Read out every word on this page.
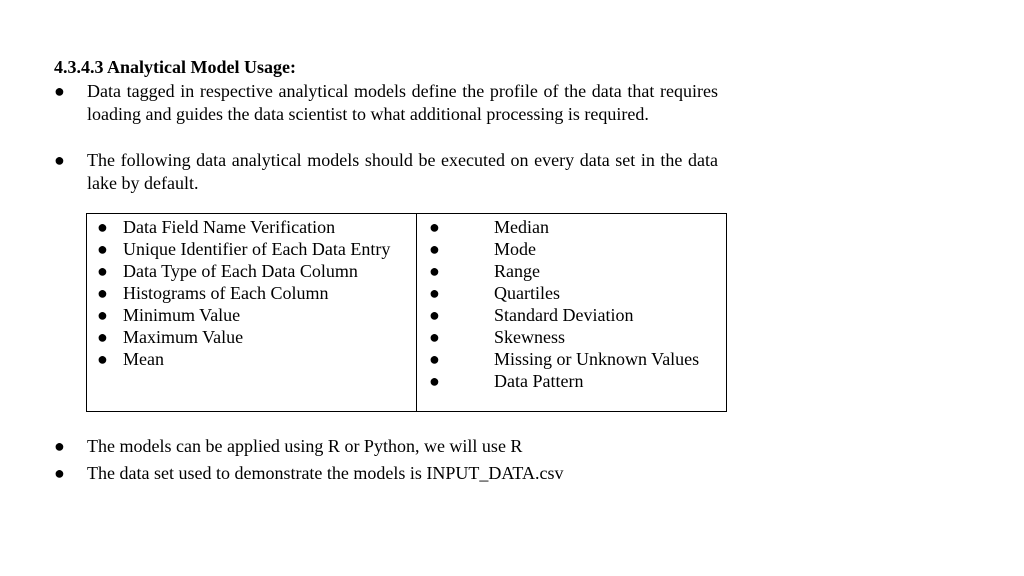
4.3.4.3 Analytical Model Usage:
●	Data tagged in respective analytical models define the profile of the data that requires loading and guides the data scientist to what additional processing is required.
●	The following data analytical models should be executed on every data set in the data lake by default.
● Data Field Name Verification
● Unique Identifier of Each Data Entry
● Data Type of Each Data Column
● Histograms of Each Column
● Minimum Value
● Maximum Value
● Mean
●	Median
●	Mode
●	Range
●	Quartiles
●	Standard Deviation
●	Skewness
●	Missing or Unknown Values
●	Data Pattern
●	The models can be applied using R or Python, we will use R
●	The data set used to demonstrate the models is INPUT_DATA.csv
